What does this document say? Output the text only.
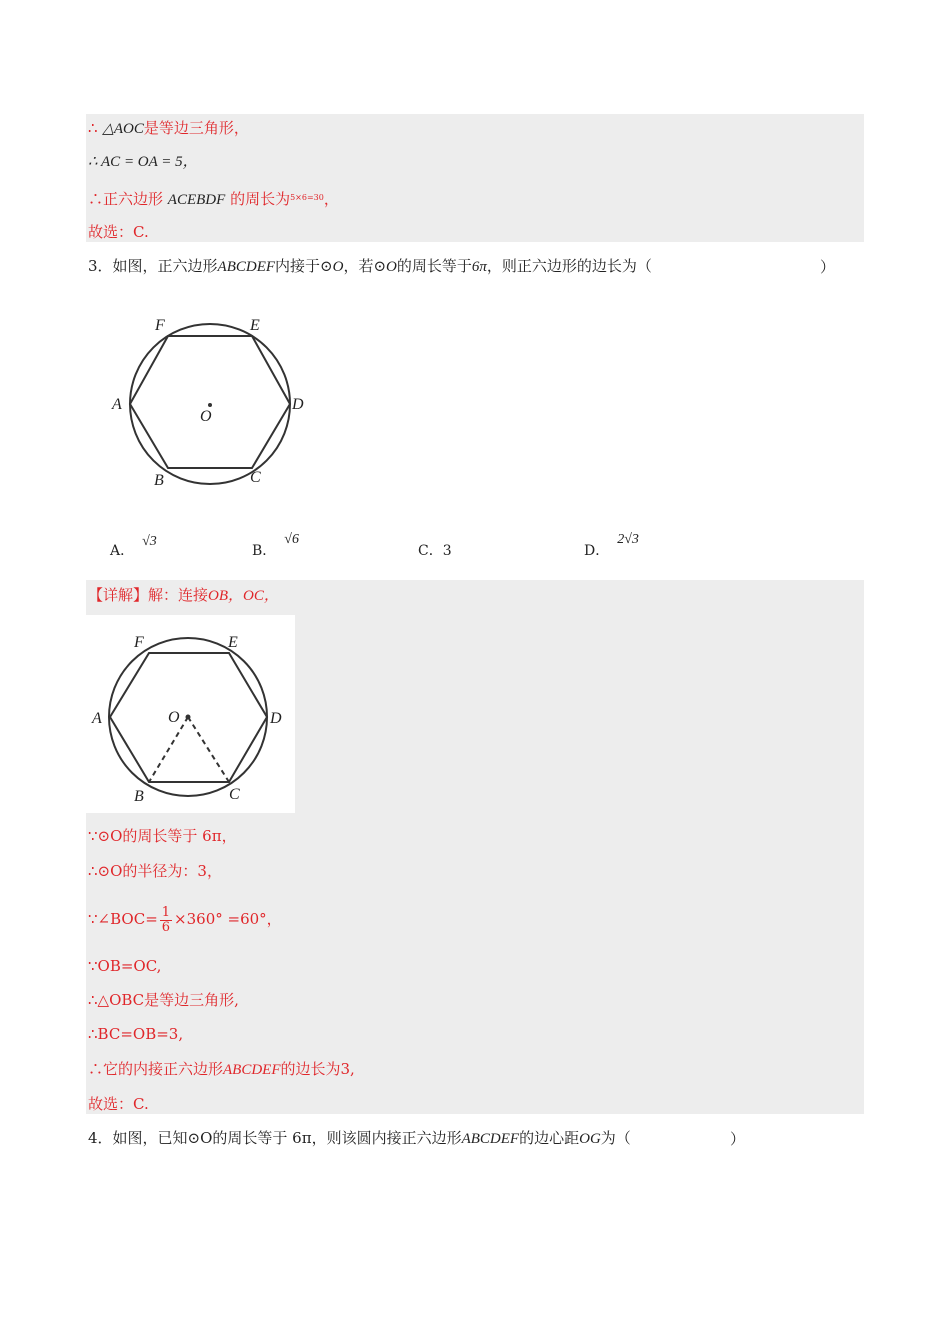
∴ △AOC是等边三角形，
∴ AC = OA = 5，
∴正六边形 ACEBDF 的周长为$^{5\times 6=30}$，
故选：C.
3．如图，正六边形ABCDEF内接于⊙O，若⊙O的周长等于6π，则正六边形的边长为（	）
F	E
A
O
D
B	C
A．√3
B．√6
C．3	D．2√3
【详解】解：连接OB，OC，
F	E
A	O	D
B	C
∵⊙O的周长等于 6π，
∴⊙O的半径为：3，
∵∠BOC= $\frac{1}{6} \times 360^\circ =60^\circ$，
∵OB=OC,
∴△OBC是等边三角形,
∴BC=OB=3,
∴它的内接正六边形ABCDEF的边长为3,
故选：C.
4．如图，已知⊙O的周长等于 6π，则该圆内接正六边形ABCDEF的边心距OG为（	）
